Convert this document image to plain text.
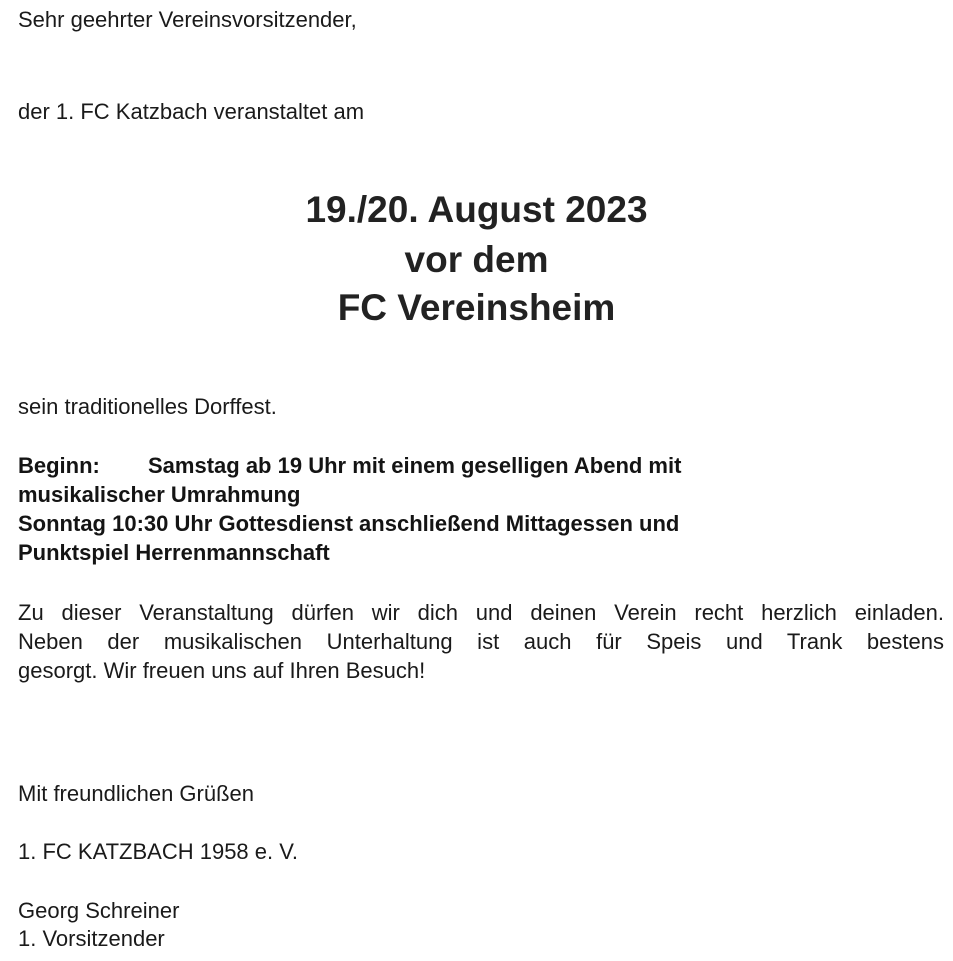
Sehr geehrter Vereinsvorsitzender,
der 1. FC Katzbach veranstaltet am
19./20. August 2023
vor dem
FC Vereinsheim
sein traditionelles Dorffest.
Beginn: Samstag ab 19 Uhr mit einem geselligen Abend mit
musikalischer Umrahmung
Sonntag 10:30 Uhr Gottesdienst anschließend Mittagessen und
Punktspiel Herrenmannschaft
Zu dieser Veranstaltung dürfen wir dich und deinen Verein recht herzlich einladen.
Neben der musikalischen Unterhaltung ist auch für Speis und Trank bestens
gesorgt. Wir freuen uns auf Ihren Besuch!
Mit freundlichen Grüßen
1. FC KATZBACH 1958 e. V.
Georg Schreiner
1. Vorsitzender
